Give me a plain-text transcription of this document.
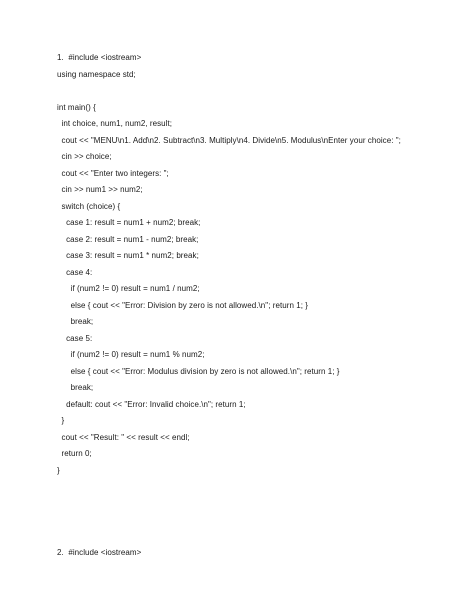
1.  #include <iostream>
using namespace std;
int main() {
int choice, num1, num2, result;
cout << "MENU\n1. Add\n2. Subtract\n3. Multiply\n4. Divide\n5. Modulus\nEnter your choice: ";
cin >> choice;
cout << "Enter two integers: ";
cin >> num1 >> num2;
switch (choice) {
case 1: result = num1 + num2; break;
case 2: result = num1 - num2; break;
case 3: result = num1 * num2; break;
case 4:
if (num2 != 0) result = num1 / num2;
else { cout << "Error: Division by zero is not allowed.\n"; return 1; }
break;
case 5:
if (num2 != 0) result = num1 % num2;
else { cout << "Error: Modulus division by zero is not allowed.\n"; return 1; }
break;
default: cout << "Error: Invalid choice.\n"; return 1;
}
cout << "Result: " << result << endl;
return 0;
}
2.  #include <iostream>
